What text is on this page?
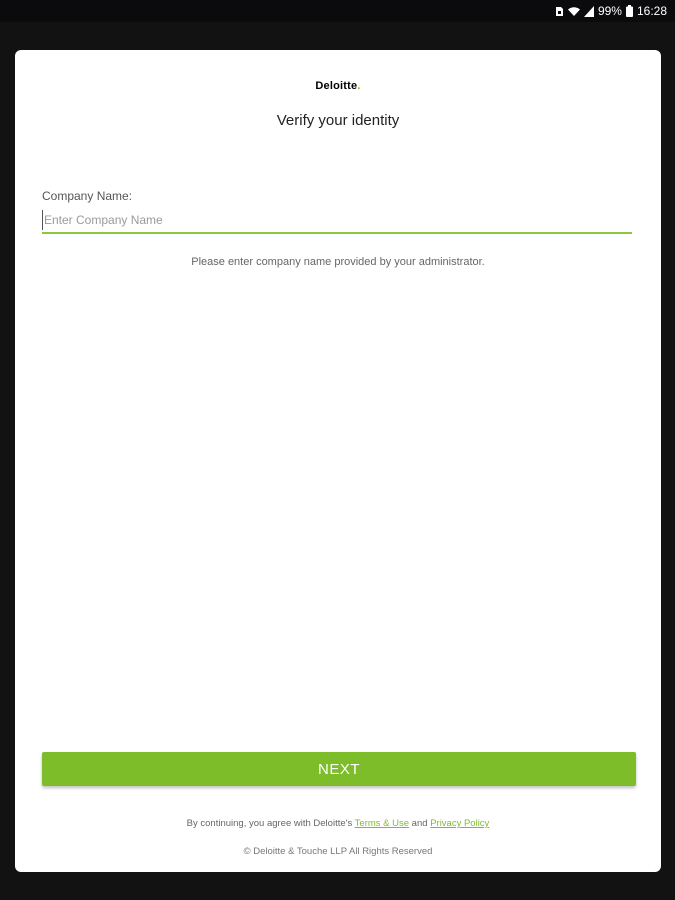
99% 16:28
Deloitte.
Verify your identity
Company Name:
Enter Company Name
Please enter company name provided by your administrator.
NEXT
By continuing, you agree with Deloitte's Terms & Use and Privacy Policy
© Deloitte & Touche LLP All Rights Reserved
